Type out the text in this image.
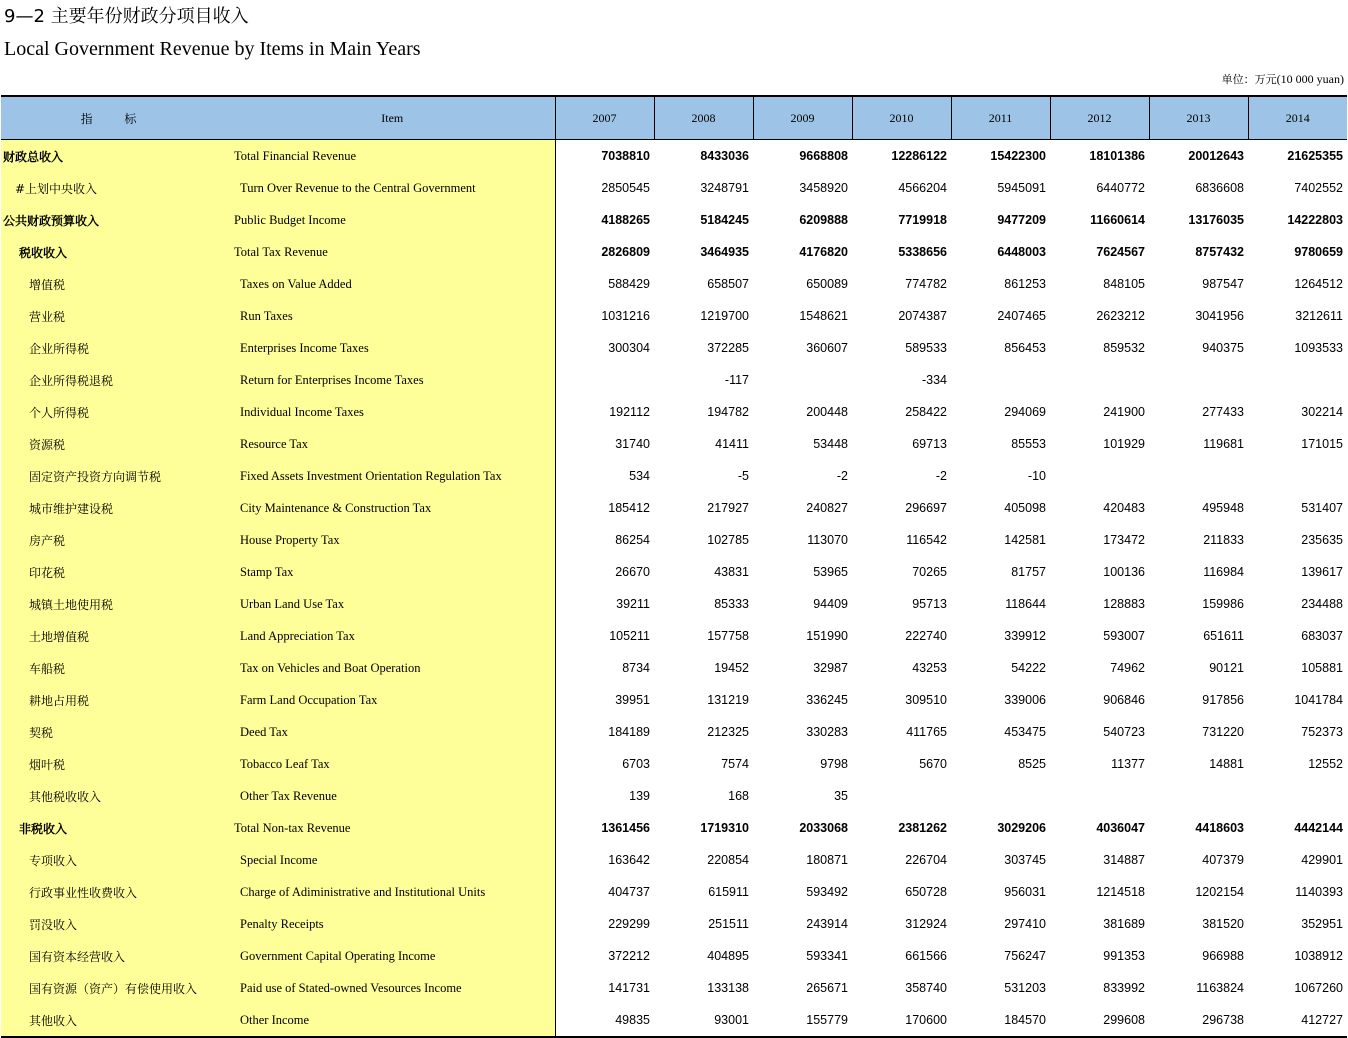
9—2 主要年份财政分项目收入
Local Government Revenue by Items in Main Years
单位：万元(10 000 yuan)
指 标	Item	2007	2008	2009	2010	2011	2012	2013	2014
财政总收入	Total Financial Revenue	7038810	8433036	9668808	12286122	15422300	18101386	20012643	21625355
#上划中央收入	Turn Over Revenue to the Central Government	2850545	3248791	3458920	4566204	5945091	6440772	6836608	7402552
公共财政预算收入	Public Budget Income	4188265	5184245	6209888	7719918	9477209	11660614	13176035	14222803
税收收入	Total Tax Revenue	2826809	3464935	4176820	5338656	6448003	7624567	8757432	9780659
增值税	Taxes on Value Added	588429	658507	650089	774782	861253	848105	987547	1264512
营业税	Run Taxes	1031216	1219700	1548621	2074387	2407465	2623212	3041956	3212611
企业所得税	Enterprises Income Taxes	300304	372285	360607	589533	856453	859532	940375	1093533
企业所得税退税	Return for Enterprises Income Taxes		-117		-334				
个人所得税	Individual Income Taxes	192112	194782	200448	258422	294069	241900	277433	302214
资源税	Resource Tax	31740	41411	53448	69713	85553	101929	119681	171015
固定资产投资方向调节税	Fixed Assets Investment Orientation Regulation Tax	534	-5	-2	-2	-10			
城市维护建设税	City Maintenance & Construction Tax	185412	217927	240827	296697	405098	420483	495948	531407
房产税	House Property Tax	86254	102785	113070	116542	142581	173472	211833	235635
印花税	Stamp Tax	26670	43831	53965	70265	81757	100136	116984	139617
城镇土地使用税	Urban Land Use Tax	39211	85333	94409	95713	118644	128883	159986	234488
土地增值税	Land Appreciation Tax	105211	157758	151990	222740	339912	593007	651611	683037
车船税	Tax on Vehicles and Boat Operation	8734	19452	32987	43253	54222	74962	90121	105881
耕地占用税	Farm Land Occupation Tax	39951	131219	336245	309510	339006	906846	917856	1041784
契税	Deed Tax	184189	212325	330283	411765	453475	540723	731220	752373
烟叶税	Tobacco Leaf Tax	6703	7574	9798	5670	8525	11377	14881	12552
其他税收收入	Other Tax Revenue	139	168	35					
非税收入	Total Non-tax Revenue	1361456	1719310	2033068	2381262	3029206	4036047	4418603	4442144
专项收入	Special Income	163642	220854	180871	226704	303745	314887	407379	429901
行政事业性收费收入	Charge of Adiministrative and Institutional Units	404737	615911	593492	650728	956031	1214518	1202154	1140393
罚没收入	Penalty Receipts	229299	251511	243914	312924	297410	381689	381520	352951
国有资本经营收入	Government Capital Operating Income	372212	404895	593341	661566	756247	991353	966988	1038912
国有资源（资产）有偿使用收入	Paid use of Stated-owned Vesources Income	141731	133138	265671	358740	531203	833992	1163824	1067260
其他收入	Other Income	49835	93001	155779	170600	184570	299608	296738	412727
